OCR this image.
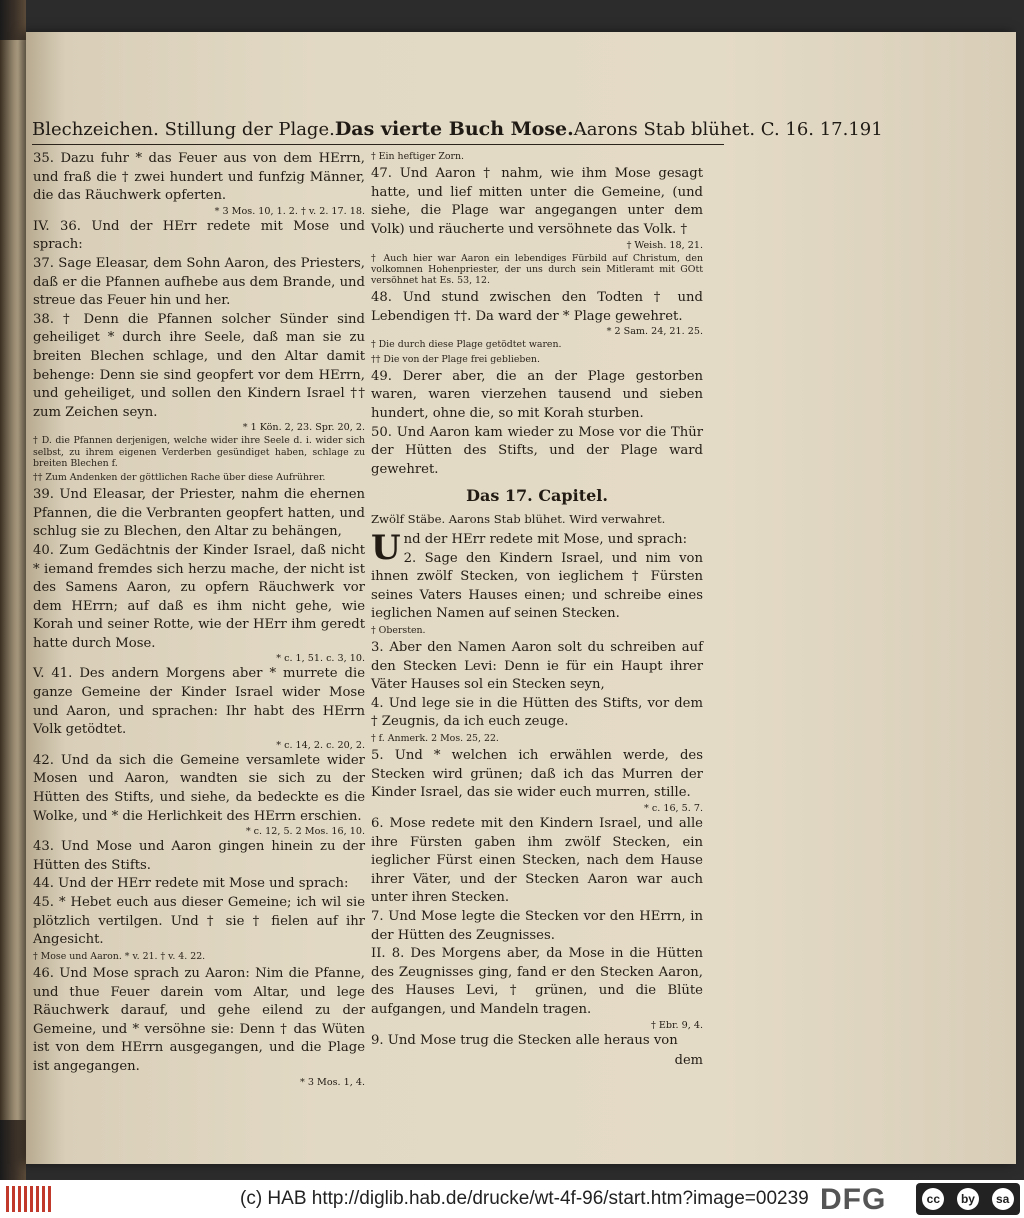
Blechzeichen. Stillung der Plage. Das vierte Buch Mose. Aarons Stab blühet. C. 16. 17. 191

35. Dazu fuhr * das Feuer aus von dem HErrn, und fraß die † zwei hundert und funfzig Männer, die das Räuchwerk opferten.

* 3 Mos. 10, 1. 2. † v. 2. 17. 18.

IV. 36. Und der HErr redete mit Mose und sprach:

37. Sage Eleasar, dem Sohn Aaron, des Priesters, daß er die Pfannen aufhebe aus dem Brande, und streue das Feuer hin und her.

38. † Denn die Pfannen solcher Sünder sind geheiliget * durch ihre Seele, daß man sie zu breiten Blechen schlage, und den Altar damit behenge: Denn sie sind geopfert vor dem HErrn, und geheiliget, und sollen den Kindern Israel †† zum Zeichen seyn.

* 1 Kön. 2, 23. Spr. 20, 2.

† D. die Pfannen derjenigen, welche wider ihre Seele d. i. wider sich selbst, zu ihrem eigenen Verderben gesündiget haben, schlage zu breiten Blechen f.

†† Zum Andenken der göttlichen Rache über diese Aufrührer.

39. Und Eleasar, der Priester, nahm die ehernen Pfannen, die die Verbranten geopfert hatten, und schlug sie zu Blechen, den Altar zu behängen,

40. Zum Gedächtnis der Kinder Israel, daß nicht * iemand fremdes sich herzu mache, der nicht ist des Samens Aaron, zu opfern Räuchwerk vor dem HErrn; auf daß es ihm nicht gehe, wie Korah und seiner Rotte, wie der HErr ihm geredt hatte durch Mose.

* c. 1, 51. c. 3, 10.

V. 41. Des andern Morgens aber * murrete die ganze Gemeine der Kinder Israel wider Mose und Aaron, und sprachen: Ihr habt des HErrn Volk getödtet.

* c. 14, 2. c. 20, 2.

42. Und da sich die Gemeine versamlete wider Mosen und Aaron, wandten sie sich zu der Hütten des Stifts, und siehe, da bedeckte es die Wolke, und * die Herlichkeit des HErrn erschien.

* c. 12, 5. 2 Mos. 16, 10.

43. Und Mose und Aaron gingen hinein zu der Hütten des Stifts.

44. Und der HErr redete mit Mose und sprach:

45. * Hebet euch aus dieser Gemeine; ich wil sie plötzlich vertilgen. Und † sie † fielen auf ihr Angesicht.

† Mose und Aaron. * v. 21. † v. 4. 22.

46. Und Mose sprach zu Aaron: Nim die Pfanne, und thue Feuer darein vom Altar, und lege Räuchwerk darauf, und gehe eilend zu der Gemeine, und * versöhne sie: Denn † das Wüten ist von dem HErrn ausgegangen, und die Plage ist angegangen.

* 3 Mos. 1, 4.

† Ein heftiger Zorn.

47. Und Aaron † nahm, wie ihm Mose gesagt hatte, und lief mitten unter die Gemeine, (und siehe, die Plage war angegangen unter dem Volk) und räucherte und versöhnete das Volk. †

† Weish. 18, 21.

† Auch hier war Aaron ein lebendiges Fürbild auf Christum, den volkomnen Hohenpriester, der uns durch sein Mitleramt mit GOtt versöhnet hat Es. 53, 12.

48. Und stund zwischen den Todten † und Lebendigen ††. Da ward der * Plage gewehret.

* 2 Sam. 24, 21. 25.

† Die durch diese Plage getödtet waren.

†† Die von der Plage frei geblieben.

49. Derer aber, die an der Plage gestorben waren, waren vierzehen tausend und sieben hundert, ohne die, so mit Korah sturben.

50. Und Aaron kam wieder zu Mose vor die Thür der Hütten des Stifts, und der Plage ward gewehret.

Das 17. Capitel.

Zwölf Stäbe. Aarons Stab blühet. Wird verwahret.

Und der HErr redete mit Mose, und sprach:

2. Sage den Kindern Israel, und nim von ihnen zwölf Stecken, von ieglichem † Fürsten seines Vaters Hauses einen; und schreibe eines ieglichen Namen auf seinen Stecken.

† Obersten.

3. Aber den Namen Aaron solt du schreiben auf den Stecken Levi: Denn ie für ein Haupt ihrer Väter Hauses sol ein Stecken seyn,

4. Und lege sie in die Hütten des Stifts, vor dem † Zeugnis, da ich euch zeuge.

† f. Anmerk. 2 Mos. 25, 22.

5. Und * welchen ich erwählen werde, des Stecken wird grünen; daß ich das Murren der Kinder Israel, das sie wider euch murren, stille.

* c. 16, 5. 7.

6. Mose redete mit den Kindern Israel, und alle ihre Fürsten gaben ihm zwölf Stecken, ein ieglicher Fürst einen Stecken, nach dem Hause ihrer Väter, und der Stecken Aaron war auch unter ihren Stecken.

7. Und Mose legte die Stecken vor den HErrn, in der Hütten des Zeugnisses.

II. 8. Des Morgens aber, da Mose in die Hütten des Zeugnisses ging, fand er den Stecken Aaron, des Hauses Levi, † grünen, und die Blüte aufgangen, und Mandeln tragen.

† Ebr. 9, 4.

9. Und Mose trug die Stecken alle heraus von

dem

(c) HAB http://diglib.hab.de/drucke/wt-4f-96/start.htm?image=00239 DFG	cc	by	sa
